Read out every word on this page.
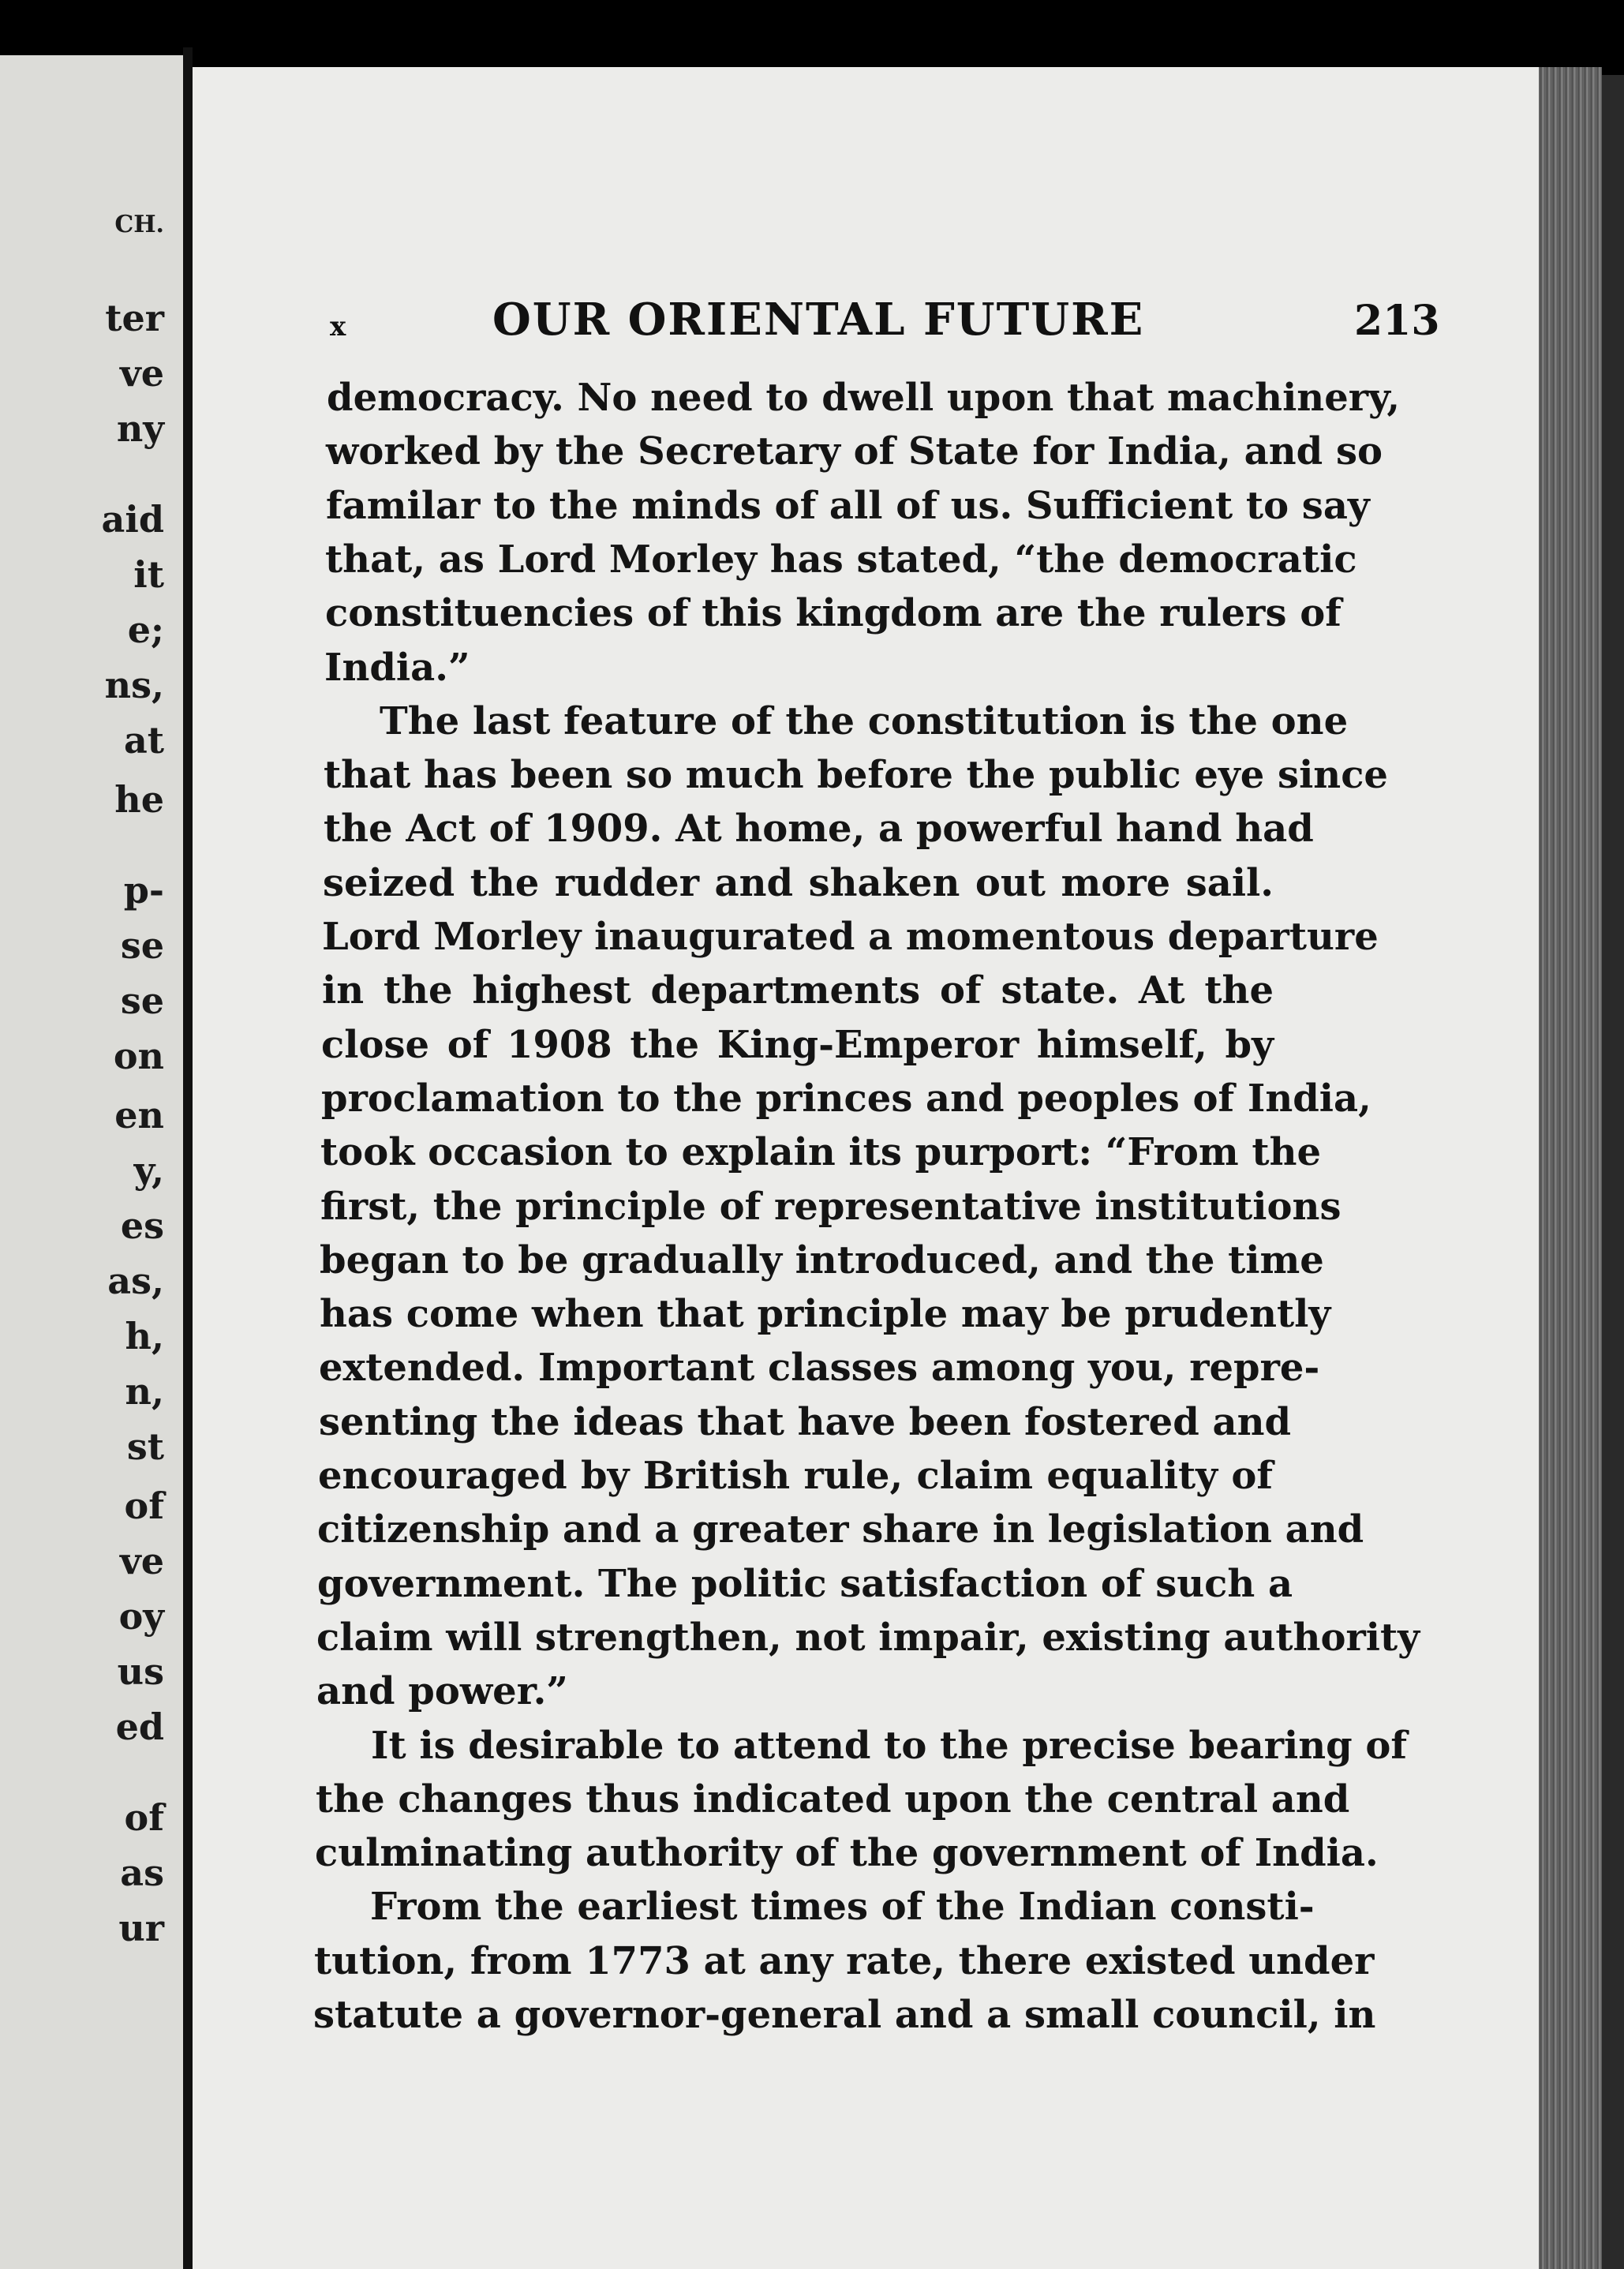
CH.
ter
ve
ny
aid
it
e;
ns,
at
he
p-
se
se
on
en
y,
es
as,
h,
n,
st
of
ve
oy
us
ed
of
as
ur
x	OUR ORIENTAL FUTURE	213
democracy. No need to dwell upon that machinery,
worked by the Secretary of State for India, and so
familar to the minds of all of us. Sufficient to say
that, as Lord Morley has stated, “the democratic
constituencies of this kingdom are the rulers of
India.”
The last feature of the constitution is the one
that has been so much before the public eye since
the Act of 1909. At home, a powerful hand had
seized the rudder and shaken out more sail.
Lord Morley inaugurated a momentous departure
in the highest departments of state. At the
close of 1908 the King-Emperor himself, by
proclamation to the princes and peoples of India,
took occasion to explain its purport: “From the
first, the principle of representative institutions
began to be gradually introduced, and the time
has come when that principle may be prudently
extended. Important classes among you, repre-
senting the ideas that have been fostered and
encouraged by British rule, claim equality of
citizenship and a greater share in legislation and
government. The politic satisfaction of such a
claim will strengthen, not impair, existing authority
and power.”
It is desirable to attend to the precise bearing of
the changes thus indicated upon the central and
culminating authority of the government of India.
From the earliest times of the Indian consti-
tution, from 1773 at any rate, there existed under
statute a governor-general and a small council, in
